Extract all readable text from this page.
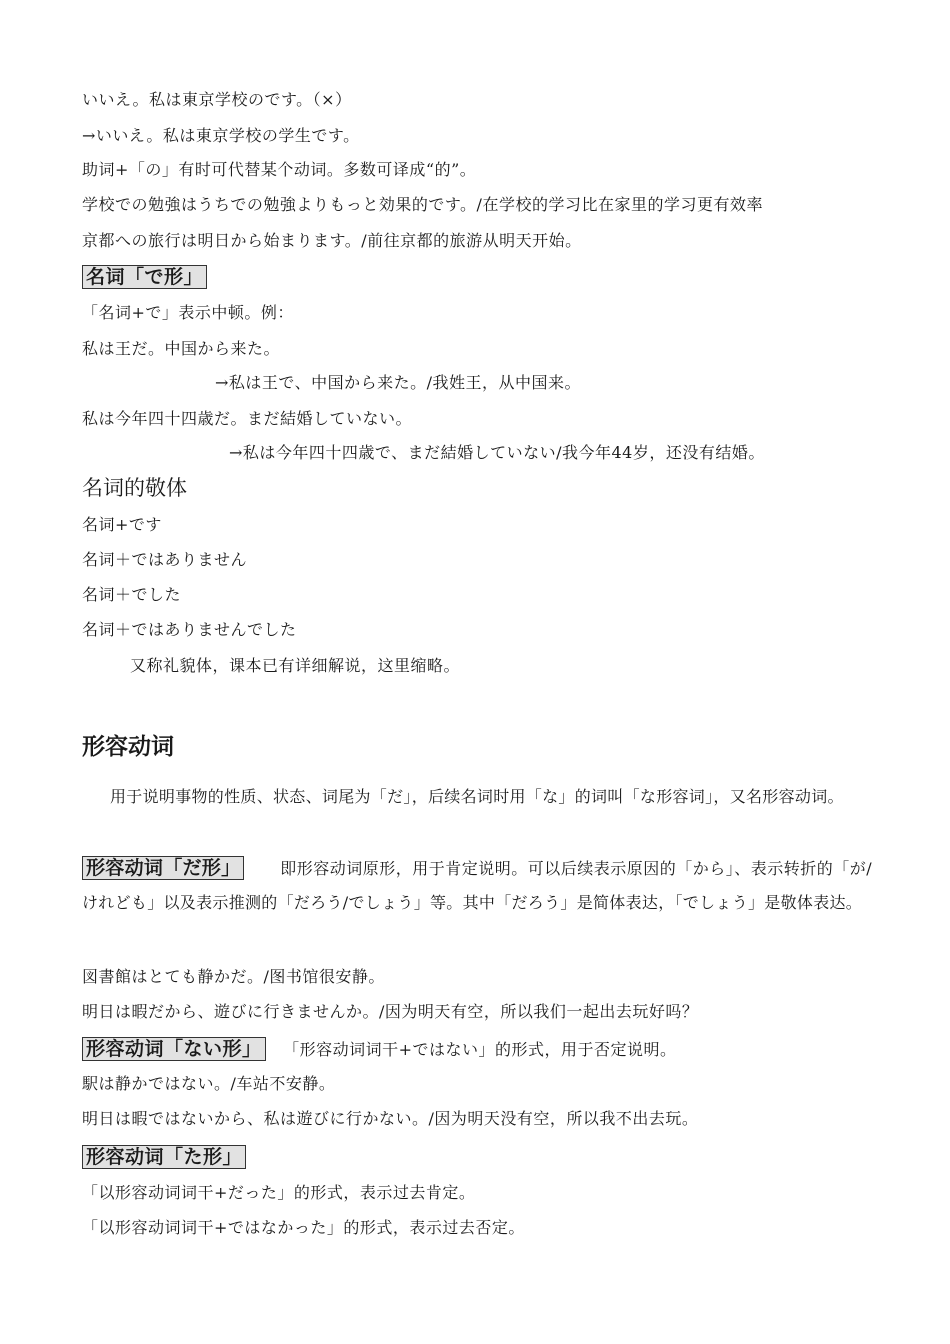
いいえ。私は東京学校のです。（×）
→いいえ。私は東京学校の学生です。
助词+「の」有时可代替某个动词。多数可译成“的”。
学校での勉強はうちでの勉強よりもっと効果的です。/在学校的学习比在家里的学习更有效率
京都への旅行は明日から始まります。/前往京都的旅游从明天开始。
名词「で形」
「名词+で」表示中顿。例：
私は王だ。中国から来た。
→私は王で、中国から来た。/我姓王，从中国来。
私は今年四十四歳だ。まだ結婚していない。
→私は今年四十四歳で、まだ結婚していない/我今年44岁，还没有结婚。
名词的敬体
名词+です
名词＋ではありません
名词＋でした
名词＋ではありませんでした
又称礼貌体，课本已有详细解说，这里缩略。
形容动词
用于说明事物的性质、状态、词尾为「だ」，后续名词时用「な」的词叫「な形容词」，又名形容动词。
形容动词「だ形」 即形容动词原形，用于肯定说明。可以后续表示原因的「から」、表示转折的「が/けれども」以及表示推测的「だろう/でしょう」等。其中「だろう」是简体表达，「でしょう」是敬体表达。
図書館はとても静かだ。/图书馆很安静。
明日は暇だから、遊びに行きませんか。/因为明天有空，所以我们一起出去玩好吗？
形容动词「ない形」 「形容动词词干+ではない」的形式，用于否定说明。
駅は静かではない。/车站不安静。
明日は暇ではないから、私は遊びに行かない。/因为明天没有空，所以我不出去玩。
形容动词「た形」
「以形容动词词干+だった」的形式，表示过去肯定。
「以形容动词词干+ではなかった」的形式，表示过去否定。
